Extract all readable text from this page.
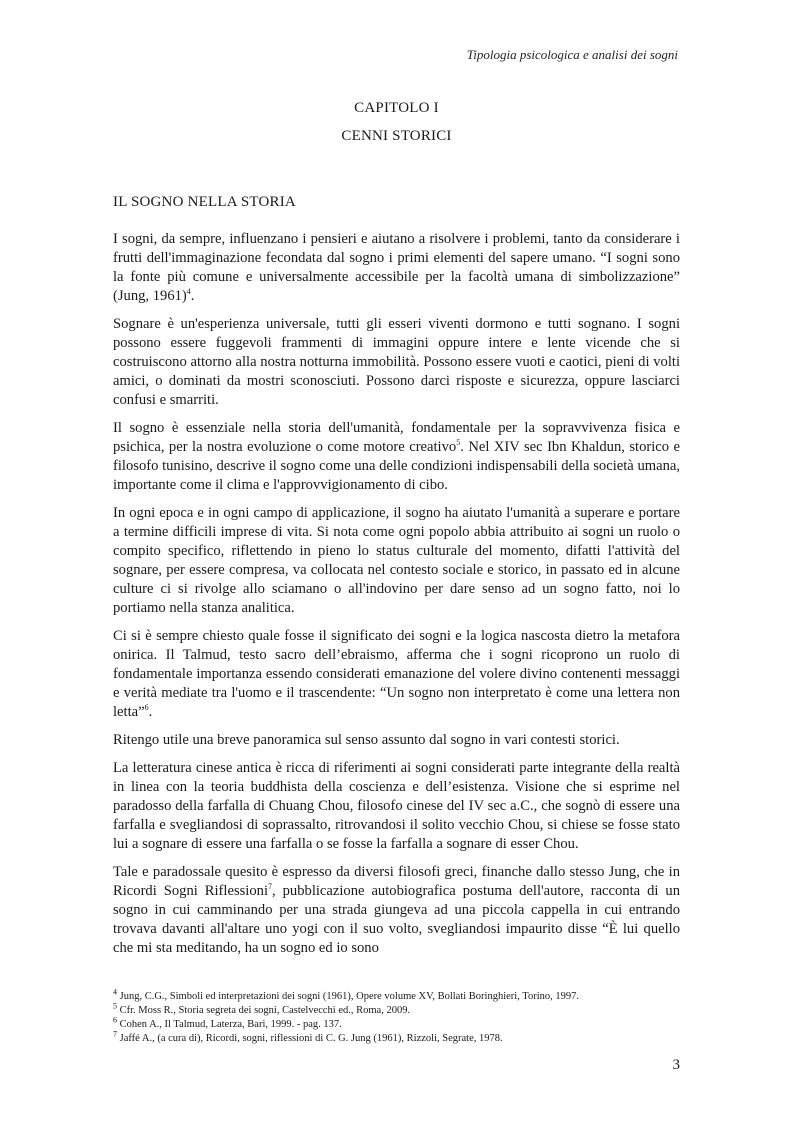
Tipologia psicologica e analisi dei sogni
CAPITOLO I
CENNI STORICI
IL SOGNO NELLA STORIA

I sogni, da sempre, influenzano i pensieri e aiutano a risolvere i problemi, tanto da considerare i frutti dell'immaginazione fecondata dal sogno i primi elementi del sapere umano. “I sogni sono la fonte più comune e universalmente accessibile per la facoltà umana di simbolizzazione” (Jung, 1961)$^4$.

Sognare è un'esperienza universale, tutti gli esseri viventi dormono e tutti sognano. I sogni possono essere fuggevoli frammenti di immagini oppure intere e lente vicende che si costruiscono attorno alla nostra notturna immobilità. Possono essere vuoti e caotici, pieni di volti amici, o dominati da mostri sconosciuti. Possono darci risposte e sicurezza, oppure lasciarci confusi e smarriti.

Il sogno è essenziale nella storia dell'umanità, fondamentale per la sopravvivenza fisica e psichica, per la nostra evoluzione o come motore creativo$^5$. Nel XIV sec Ibn Khaldun, storico e filosofo tunisino, descrive il sogno come una delle condizioni indispensabili della società umana, importante come il clima e l'approvvigionamento di cibo.

In ogni epoca e in ogni campo di applicazione, il sogno ha aiutato l'umanità a superare e portare a termine difficili imprese di vita. Si nota come ogni popolo abbia attribuito ai sogni un ruolo o compito specifico, riflettendo in pieno lo status culturale del momento, difatti l'attività del sognare, per essere compresa, va collocata nel contesto sociale e storico, in passato ed in alcune culture ci si rivolge allo sciamano o all'indovino per dare senso ad un sogno fatto, noi lo portiamo nella stanza analitica.

Ci si è sempre chiesto quale fosse il significato dei sogni e la logica nascosta dietro la metafora onirica. Il Talmud, testo sacro dell’ebraismo, afferma che i sogni ricoprono un ruolo di fondamentale importanza essendo considerati emanazione del volere divino contenenti messaggi e verità mediate tra l'uomo e il trascendente: “Un sogno non interpretato è come una lettera non letta”$^6$.

Ritengo utile una breve panoramica sul senso assunto dal sogno in vari contesti storici.

La letteratura cinese antica è ricca di riferimenti ai sogni considerati parte integrante della realtà in linea con la teoria buddhista della coscienza e dell’esistenza. Visione che si esprime nel paradosso della farfalla di Chuang Chou, filosofo cinese del IV sec a.C., che sognò di essere una farfalla e svegliandosi di soprassalto, ritrovandosi il solito vecchio Chou, si chiese se fosse stato lui a sognare di essere una farfalla o se fosse la farfalla a sognare di esser Chou.

Tale e paradossale quesito è espresso da diversi filosofi greci, finanche dallo stesso Jung, che in Ricordi Sogni Riflessioni$^7$, pubblicazione autobiografica postuma dell'autore, racconta di un sogno in cui camminando per una strada giungeva ad una piccola cappella in cui entrando trovava davanti all'altare uno yogi con il suo volto, svegliandosi impaurito disse “È lui quello che mi sta meditando, ha un sogno ed io sono

$^4$ Jung, C.G., Simboli ed interpretazioni dei sogni (1961), Opere volume XV, Bollati Boringhieri, Torino, 1997.
$^5$ Cfr. Moss R., Storia segreta dei sogni, Castelvecchi ed., Roma, 2009.
$^6$ Cohen A., Il Talmud, Laterza, Bari, 1999. - pag. 137.
$^7$ Jaffé A., (a cura di), Ricordi, sogni, riflessioni di C. G. Jung (1961), Rizzoli, Segrate, 1978.
3
